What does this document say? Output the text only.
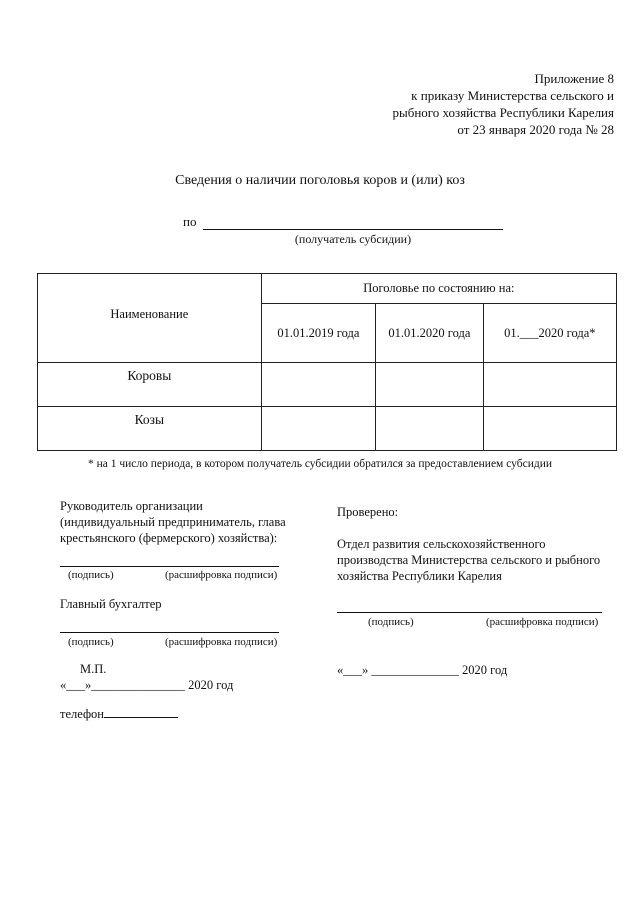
Приложение 8
к приказу Министерства сельского и
рыбного хозяйства Республики Карелия
от 23 января 2020 года № 28
Сведения о наличии поголовья коров и (или) коз
по
(получатель субсидии)
Наименование	Поголовье по состоянию на:		
	01.01.2019 года	01.01.2020 года	01.___2020 года*
Коровы			
Козы			
* на 1 число периода, в котором получатель субсидии обратился за предоставлением субсидии
Руководитель организации
(индивидуальный предприниматель, глава
крестьянского (фермерского) хозяйства):
(подпись)	(расшифровка подписи)
Главный бухгалтер
(подпись)	(расшифровка подписи)
М.П.
«___»_______________ 2020 год
телефон
Проверено:
Отдел развития сельскохозяйственного
производства Министерства сельского и рыбного
хозяйства Республики Карелия
(подпись)	(расшифровка подписи)
«___» ______________ 2020 год
